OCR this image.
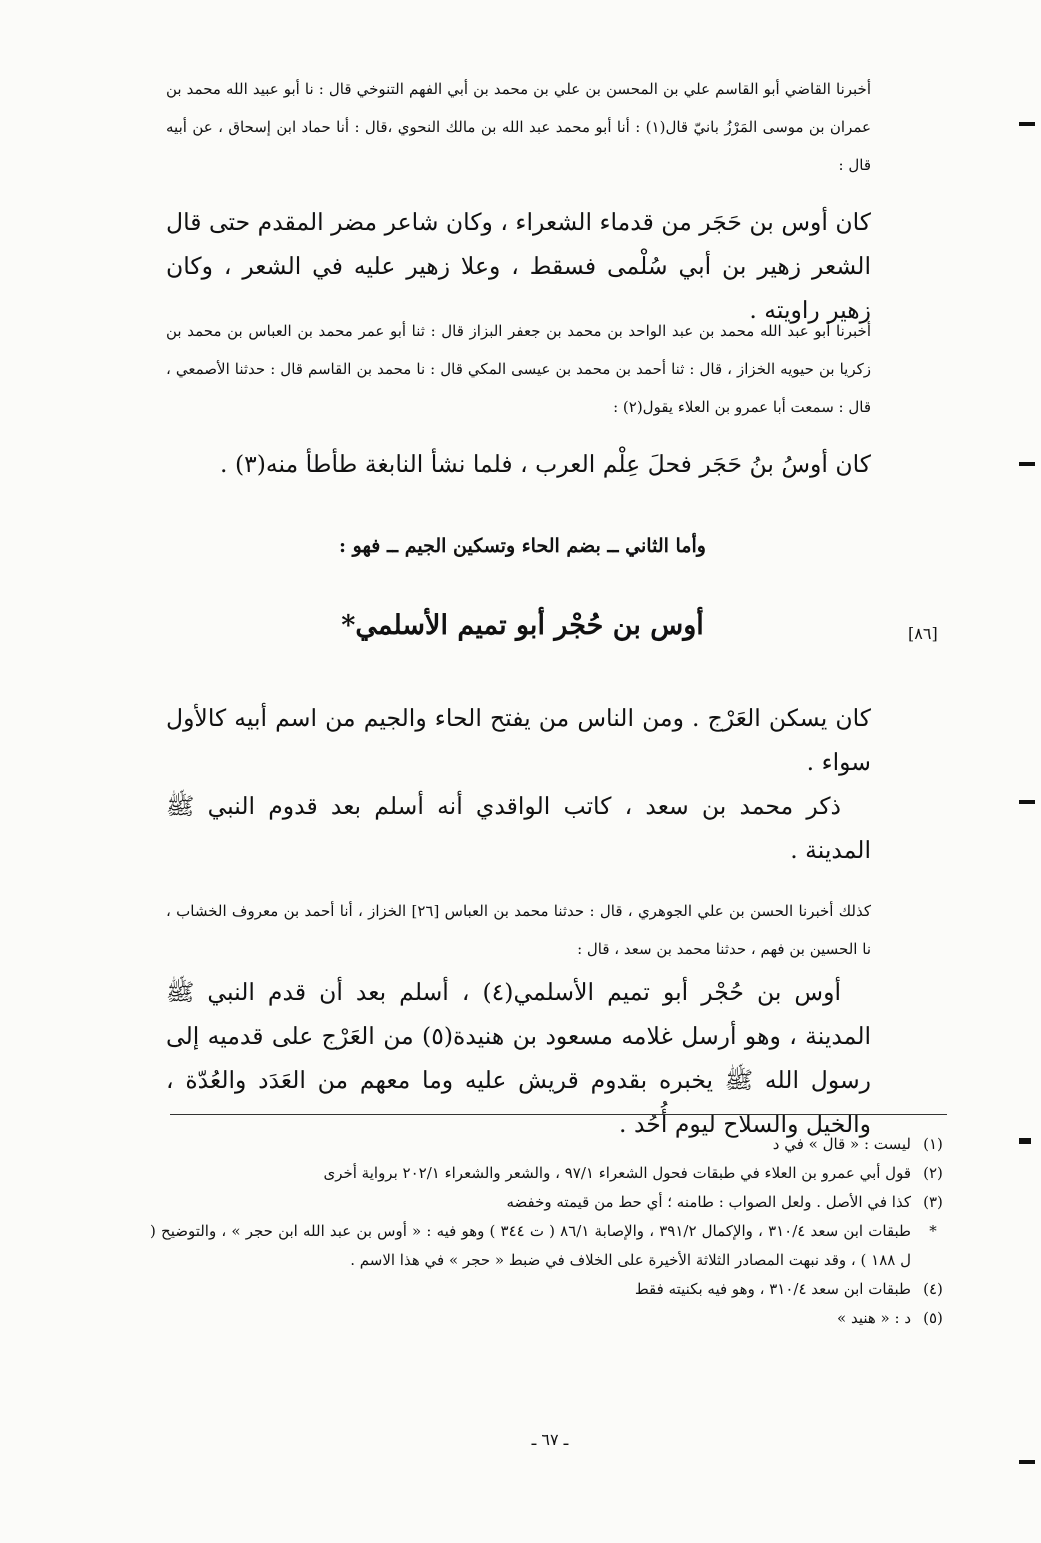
أخبرنا القاضي أبو القاسم علي بن المحسن بن علي بن محمد بن أبي الفهم التنوخي قال : نا أبو عبيد الله محمد بن عمران بن موسى المَرْزُ بانيّ قال(١) : أنا أبو محمد عبد الله بن مالك النحوي ،قال : أنا حماد ابن إسحاق ، عن أبيه قال :

كان أوس بن حَجَر من قدماء الشعراء ، وكان شاعر مضر المقدم حتى قال الشعر زهير بن أبي سُلْمى فسقط ، وعلا زهير عليه في الشعر ، وكان زهير راويته .

أخبرنا أبو عبد الله محمد بن عبد الواحد بن محمد بن جعفر البزاز قال : ثنا أبو عمر محمد بن العباس بن محمد بن زكريا بن حيويه الخزاز ، قال : ثنا أحمد بن محمد بن عيسى المكي قال : نا محمد بن القاسم قال : حدثنا الأصمعي ، قال : سمعت أبا عمرو بن العلاء يقول(٢) :

كان أوسُ بنُ حَجَر فحلَ عِلْم العرب ، فلما نشأ النابغة طأطأ منه(٣) .

وأما الثاني ــ بضم الحاء وتسكين الجيم ــ فهو :
أوس بن حُجْر أبو تميم الأسلمي*	[٨٦]

كان يسكن العَرْج . ومن الناس من يفتح الحاء والجيم من اسم أبيه كالأول سواء .

ذكر محمد بن سعد ، كاتب الواقدي أنه أسلم بعد قدوم النبي ﷺ المدينة .

كذلك أخبرنا الحسن بن علي الجوهري ، قال : حدثنا محمد بن العباس [٢٦] الخزاز ، أنا أحمد بن معروف الخشاب ، نا الحسين بن فهم ، حدثنا محمد بن سعد ، قال :

أوس بن حُجْر أبو تميم الأسلمي(٤) ، أسلم بعد أن قدم النبي ﷺ المدينة ، وهو أرسل غلامه مسعود بن هنيدة(٥) من العَرْج على قدميه إلى رسول الله ﷺ يخبره بقدوم قريش عليه وما معهم من العَدَد والعُدّة ، والخيل والسلاح ليوم أُحُد .

(١)
ليست : « قال » في د
(٢)
قول أبي عمرو بن العلاء في طبقات فحول الشعراء ٩٧/١ ، والشعر والشعراء ٢٠٢/١ برواية أخرى
(٣)
كذا في الأصل . ولعل الصواب : طامنه ؛ أي حط من قيمته وخفضه
*
طبقات ابن سعد ٣١٠/٤ ، والإكمال ٣٩١/٢ ، والإصابة ٨٦/١ ( ت ٣٤٤ ) وهو فيه : « أوس بن عبد الله ابن حجر » ، والتوضيح ( ل ١٨٨ ) ، وقد نبهت المصادر الثلاثة الأخيرة على الخلاف في ضبط « حجر » في هذا الاسم .
(٤)
طبقات ابن سعد ٣١٠/٤ ، وهو فيه بكنيته فقط
(٥)
د : « هنيد »
ـ ٦٧ ـ
